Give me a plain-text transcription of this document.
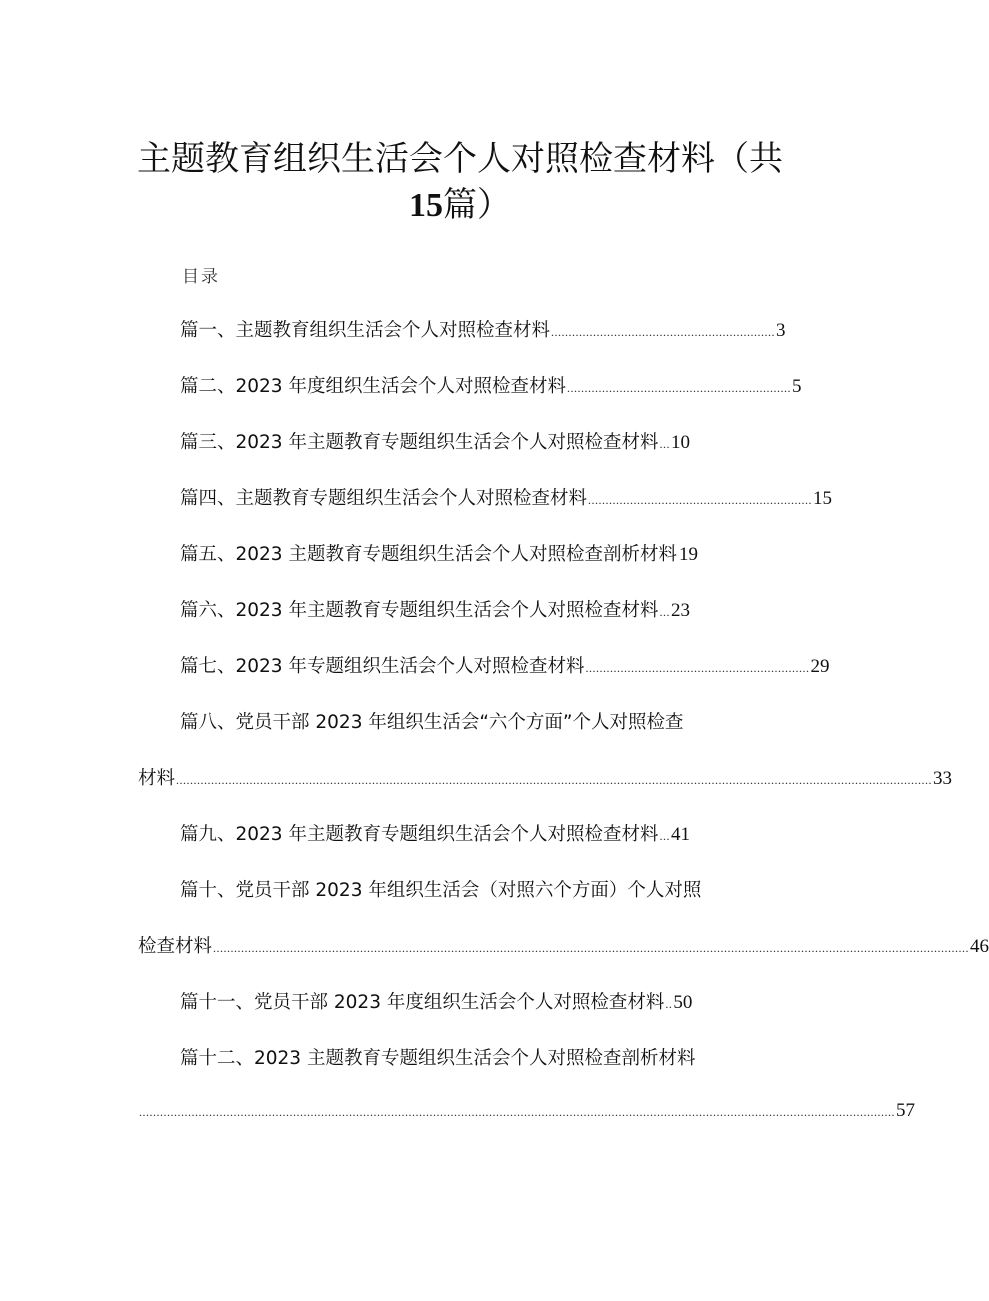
主题教育组织生活会个人对照检查材料（共
15篇）
目录
篇一、主题教育组织生活会个人对照检查材料 ................................................................ 3
篇二、2023 年度组织生活会个人对照检查材料 ................................................................ 5
篇三、2023 年主题教育专题组织生活会个人对照检查材料 ... 10
篇四、主题教育专题组织生活会个人对照检查材料 ................................................................ 15
篇五、2023 主题教育专题组织生活会个人对照检查剖析材料 19
篇六、2023 年主题教育专题组织生活会个人对照检查材料 ... 23
篇七、2023 年专题组织生活会个人对照检查材料 ................................................................ 29
篇八、党员干部 2023 年组织生活会“六个方面”个人对照检查
材料 ........................................................................................................................................................................................................................ 33
篇九、2023 年主题教育专题组织生活会个人对照检查材料 ... 41
篇十、党员干部 2023 年组织生活会（对照六个方面）个人对照
检查材料 ........................................................................................................................................................................................................................ 46
篇十一、党员干部 2023 年度组织生活会个人对照检查材料 .. 50
篇十二、2023 主题教育专题组织生活会个人对照检查剖析材料
........................................................................................................................................................................................................................ 57
